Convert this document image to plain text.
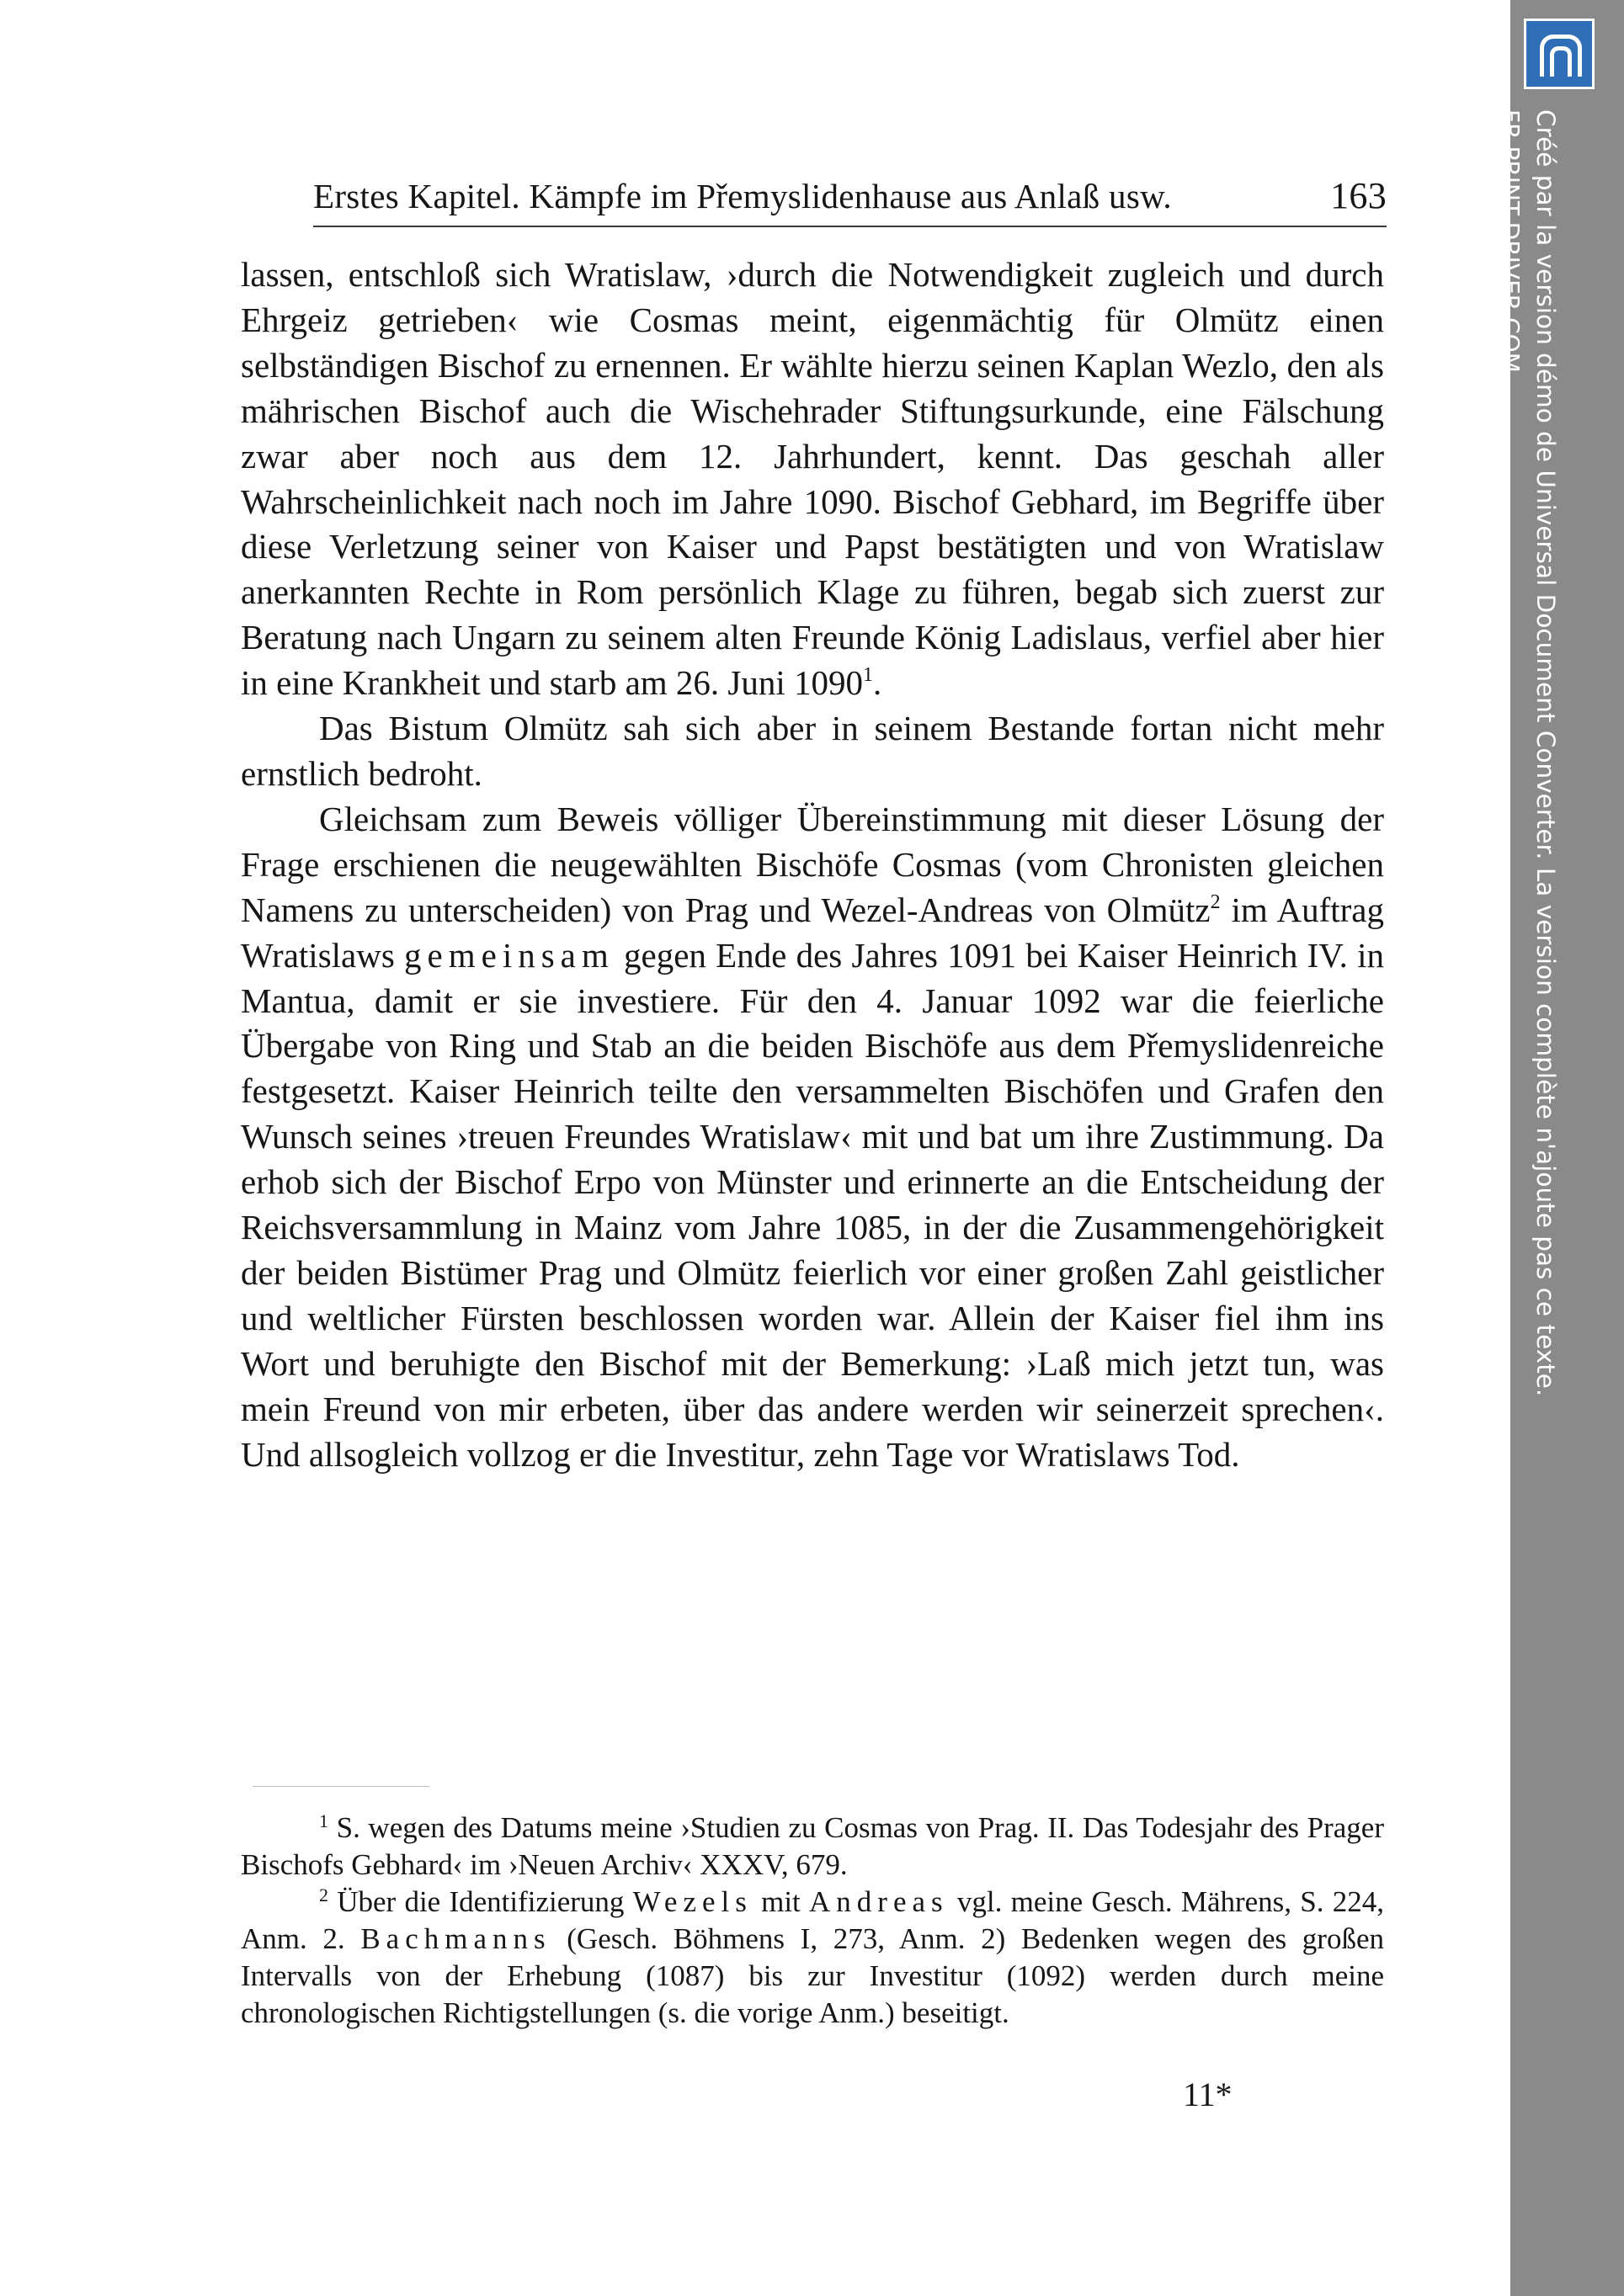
Erstes Kapitel. Kämpfe im Přemyslidenhause aus Anlaß usw.	163

lassen, entschloß sich Wratislaw, ›durch die Notwendigkeit zugleich und durch Ehrgeiz getrieben‹ wie Cosmas meint, eigenmächtig für Olmütz einen selbständigen Bischof zu ernennen. Er wählte hierzu seinen Kaplan Wezlo, den als mährischen Bischof auch die Wischehrader Stiftungsurkunde, eine Fälschung zwar aber noch aus dem 12. Jahrhundert, kennt. Das geschah aller Wahrscheinlichkeit nach noch im Jahre 1090. Bischof Gebhard, im Begriffe über diese Verletzung seiner von Kaiser und Papst bestätigten und von Wratislaw anerkannten Rechte in Rom persönlich Klage zu führen, begab sich zuerst zur Beratung nach Ungarn zu seinem alten Freunde König Ladislaus, verfiel aber hier in eine Krankheit und starb am 26. Juni 1090$^1$.

Das Bistum Olmütz sah sich aber in seinem Bestande fortan nicht mehr ernstlich bedroht.

Gleichsam zum Beweis völliger Übereinstimmung mit dieser Lösung der Frage erschienen die neugewählten Bischöfe Cosmas (vom Chronisten gleichen Namens zu unterscheiden) von Prag und Wezel-Andreas von Olmütz$^2$ im Auftrag Wratislaws gemeinsam gegen Ende des Jahres 1091 bei Kaiser Heinrich IV. in Mantua, damit er sie investiere. Für den 4. Januar 1092 war die feierliche Übergabe von Ring und Stab an die beiden Bischöfe aus dem Přemyslidenreiche festgesetzt. Kaiser Heinrich teilte den versammelten Bischöfen und Grafen den Wunsch seines ›treuen Freundes Wratislaw‹ mit und bat um ihre Zustimmung. Da erhob sich der Bischof Erpo von Münster und erinnerte an die Entscheidung der Reichsversammlung in Mainz vom Jahre 1085, in der die Zusammengehörigkeit der beiden Bistümer Prag und Olmütz feierlich vor einer großen Zahl geistlicher und weltlicher Fürsten beschlossen worden war. Allein der Kaiser fiel ihm ins Wort und beruhigte den Bischof mit der Bemerkung: ›Laß mich jetzt tun, was mein Freund von mir erbeten, über das andere werden wir seinerzeit sprechen‹. Und allsogleich vollzog er die Investitur, zehn Tage vor Wratislaws Tod.

$^1$ S. wegen des Datums meine ›Studien zu Cosmas von Prag. II. Das Todesjahr des Prager Bischofs Gebhard‹ im ›Neuen Archiv‹ XXXV, 679.

$^2$ Über die Identifizierung Wezels mit Andreas vgl. meine Gesch. Mährens, S. 224, Anm. 2. Bachmanns (Gesch. Böhmens I, 273, Anm. 2) Bedenken wegen des großen Intervalls von der Erhebung (1087) bis zur Investitur (1092) werden durch meine chronologischen Richtigstellungen (s. die vorige Anm.) beseitigt.

11*
Créé par la version démo de Universal Document Converter. La version complète n'ajoute pas ce texte.
FR.PRINT-DRIVER.COM
